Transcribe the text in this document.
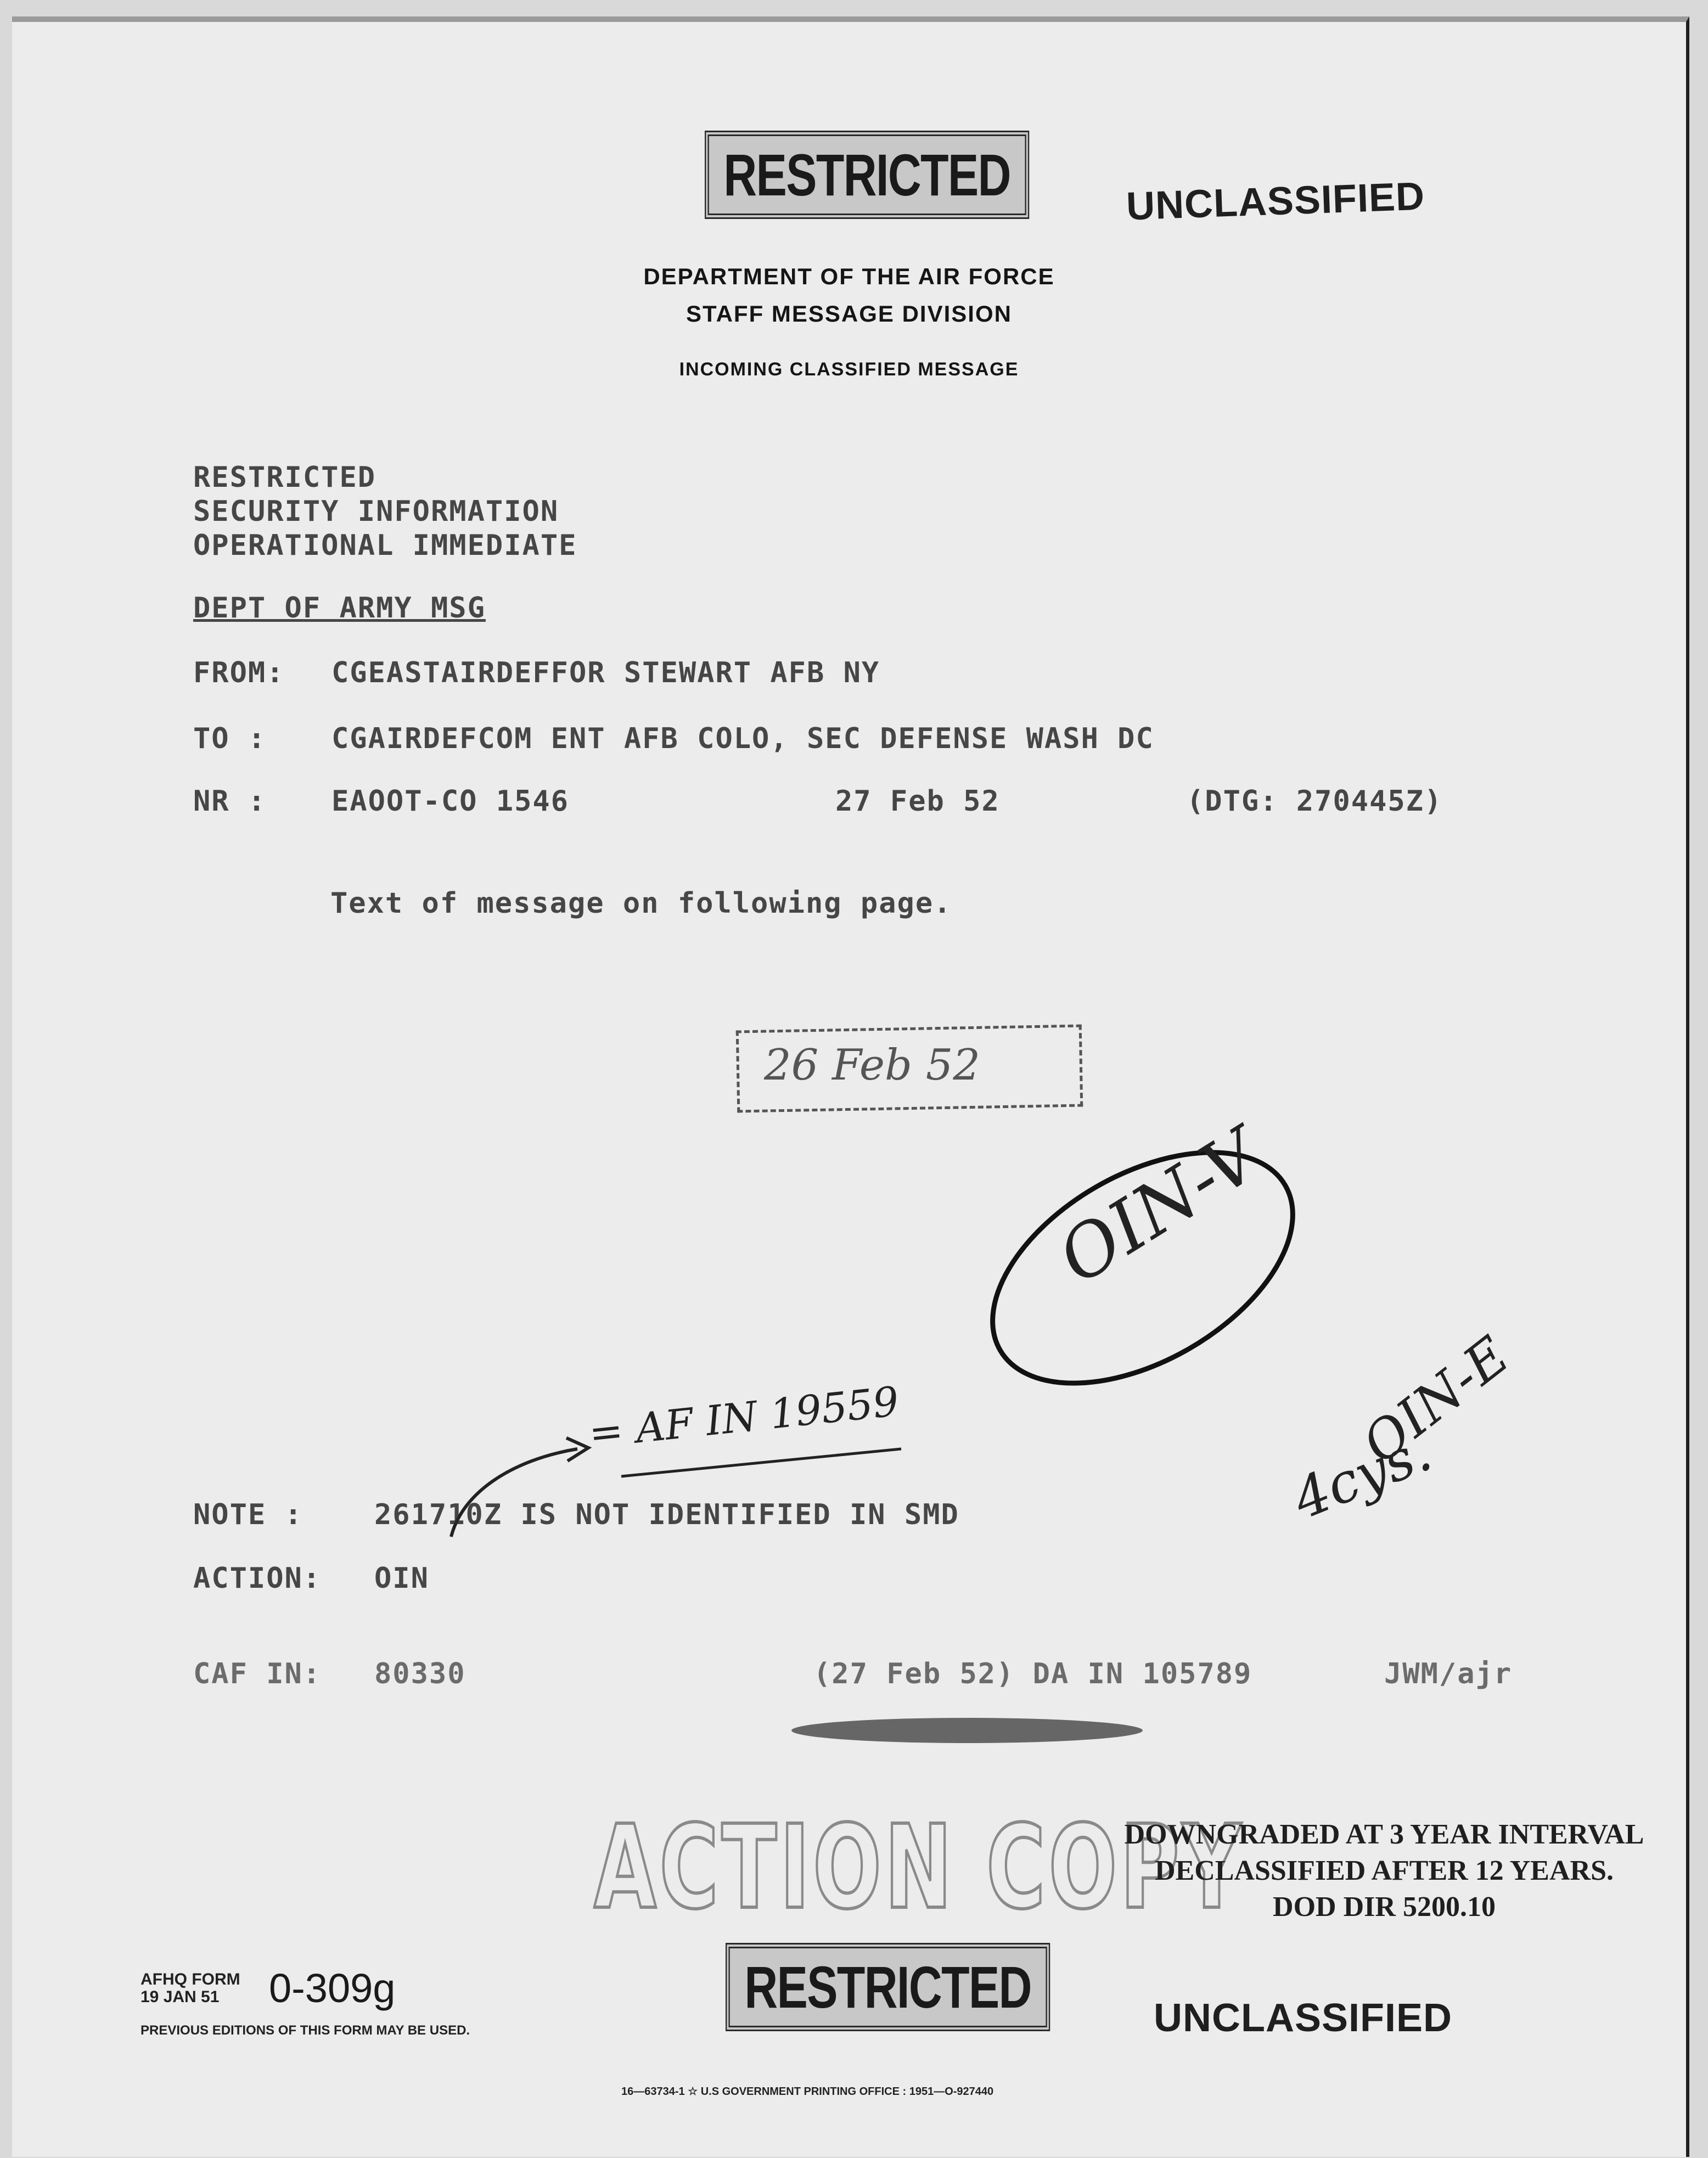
RESTRICTED	UNCLASSIFIED
DEPARTMENT OF THE AIR FORCE
STAFF MESSAGE DIVISION
INCOMING CLASSIFIED MESSAGE
RESTRICTED
SECURITY INFORMATION
OPERATIONAL IMMEDIATE
DEPT OF ARMY MSG
FROM: CGEASTAIRDEFFOR STEWART AFB NY
TO : CGAIRDEFCOM ENT AFB COLO, SEC DEFENSE WASH DC
NR : EAOOT-CO 1546	27 Feb 52	(DTG: 270445Z)
Text of message on following page.
26 Feb 52
OIN-V
= AF IN 19559
4cys.
OIN-E
NOTE :	261710Z IS NOT IDENTIFIED IN SMD
ACTION: OIN
CAF IN: 80330	(27 Feb 52) DA IN 105789	JWM/ajr
ACTION COPY
DOWNGRADED AT 3 YEAR INTERVAL
DECLASSIFIED AFTER 12 YEARS.
DOD DIR 5200.10
RESTRICTED	UNCLASSIFIED
AFHQ FORM
19 JAN 51 0-309g
PREVIOUS EDITIONS OF THIS FORM MAY BE USED.
16—63734-1 ☆ U.S GOVERNMENT PRINTING OFFICE : 1951—O-927440
